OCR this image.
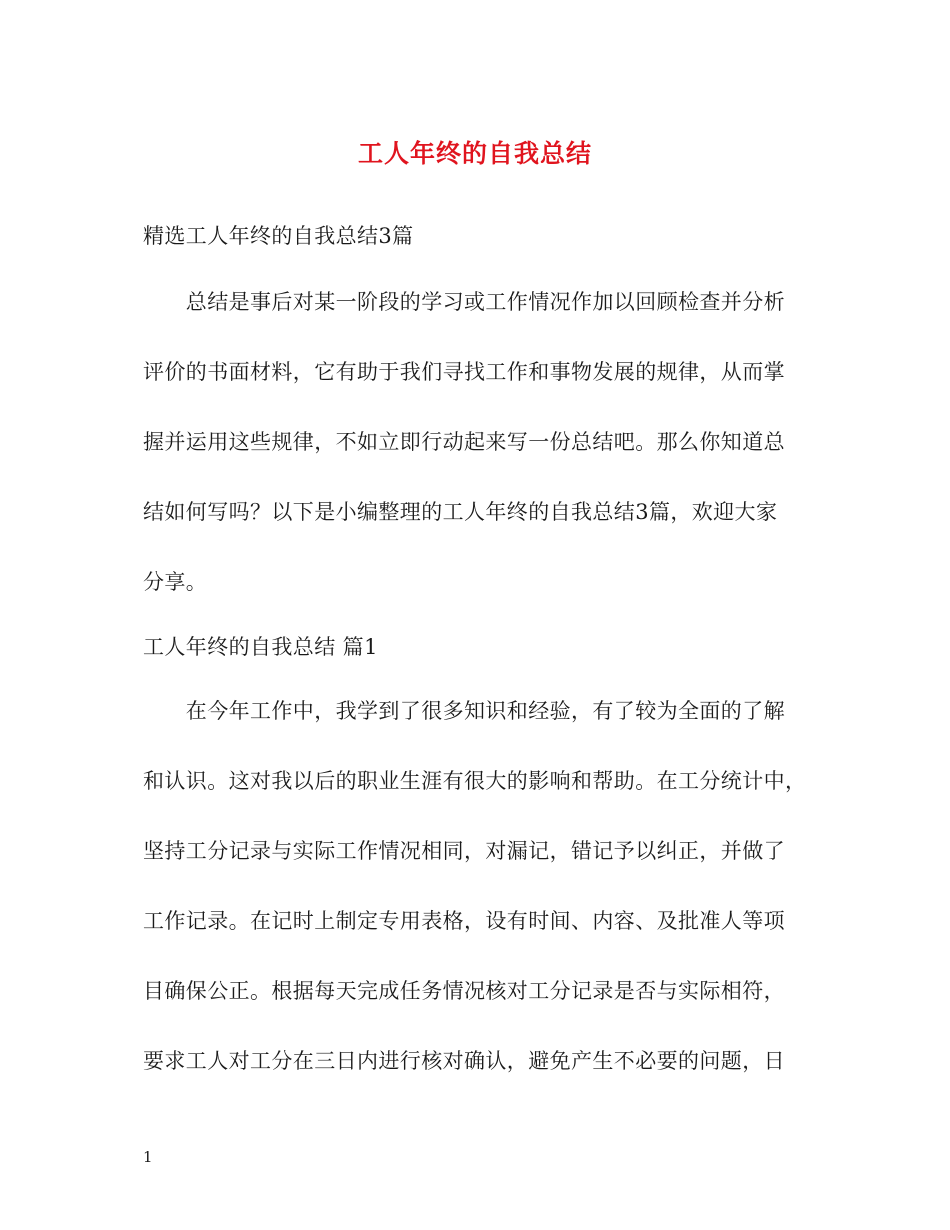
工人年终的自我总结
精选工人年终的自我总结3篇
　　总结是事后对某一阶段的学习或工作情况作加以回顾检查并分析
评价的书面材料，它有助于我们寻找工作和事物发展的规律，从而掌
握并运用这些规律，不如立即行动起来写一份总结吧。那么你知道总
结如何写吗？以下是小编整理的工人年终的自我总结3篇，欢迎大家
分享。
工人年终的自我总结 篇1
　　在今年工作中，我学到了很多知识和经验，有了较为全面的了解
和认识。这对我以后的职业生涯有很大的影响和帮助。在工分统计中，
坚持工分记录与实际工作情况相同，对漏记，错记予以纠正，并做了
工作记录。在记时上制定专用表格，设有时间、内容、及批准人等项
目确保公正。根据每天完成任务情况核对工分记录是否与实际相符，
要求工人对工分在三日内进行核对确认，避免产生不必要的问题，日
1
